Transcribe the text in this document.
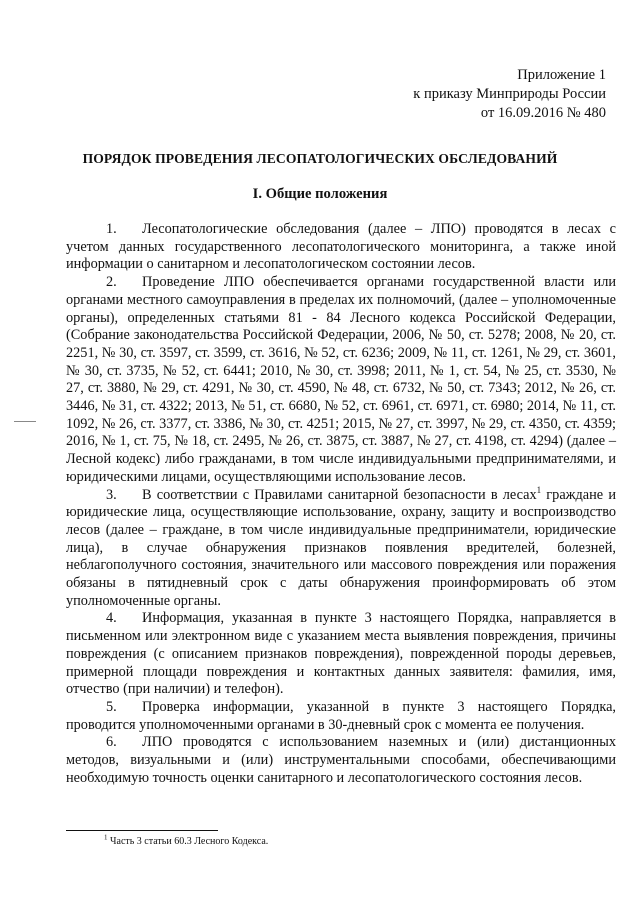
Приложение 1
к приказу Минприроды России
от 16.09.2016 № 480
ПОРЯДОК ПРОВЕДЕНИЯ ЛЕСОПАТОЛОГИЧЕСКИХ ОБСЛЕДОВАНИЙ
I. Общие положения

1. Лесопатологические обследования (далее – ЛПО) проводятся в лесах с учетом данных государственного лесопатологического мониторинга, а также иной информации о санитарном и лесопатологическом состоянии лесов.

2. Проведение ЛПО обеспечивается органами государственной власти или органами местного самоуправления в пределах их полномочий, (далее – уполномоченные органы), определенных статьями 81 - 84 Лесного кодекса Российской Федерации, (Собрание законодательства Российской Федерации, 2006, № 50, ст. 5278; 2008, № 20, ст. 2251, № 30, ст. 3597, ст. 3599, ст. 3616, № 52, ст. 6236; 2009, № 11, ст. 1261, № 29, ст. 3601, № 30, ст. 3735, № 52, ст. 6441; 2010, № 30, ст. 3998; 2011, № 1, ст. 54, № 25, ст. 3530, № 27, ст. 3880, № 29, ст. 4291, № 30, ст. 4590, № 48, ст. 6732, № 50, ст. 7343; 2012, № 26, ст. 3446, № 31, ст. 4322; 2013, № 51, ст. 6680, № 52, ст. 6961, ст. 6971, ст. 6980; 2014, № 11, ст. 1092, № 26, ст. 3377, ст. 3386, № 30, ст. 4251; 2015, № 27, ст. 3997, № 29, ст. 4350, ст. 4359; 2016, № 1, ст. 75, № 18, ст. 2495, № 26, ст. 3875, ст. 3887, № 27, ст. 4198, ст. 4294) (далее – Лесной кодекс) либо гражданами, в том числе индивидуальными предпринимателями, и юридическими лицами, осуществляющими использование лесов.

3. В соответствии с Правилами санитарной безопасности в лесах$^1$ граждане и юридические лица, осуществляющие использование, охрану, защиту и воспроизводство лесов (далее – граждане, в том числе индивидуальные предприниматели, юридические лица), в случае обнаружения признаков появления вредителей, болезней, неблагополучного состояния, значительного или массового повреждения или поражения обязаны в пятидневный срок с даты обнаружения проинформировать об этом уполномоченные органы.

4. Информация, указанная в пункте 3 настоящего Порядка, направляется в письменном или электронном виде с указанием места выявления повреждения, причины повреждения (с описанием признаков повреждения), поврежденной породы деревьев, примерной площади повреждения и контактных данных заявителя: фамилия, имя, отчество (при наличии) и телефон).

5. Проверка информации, указанной в пункте 3 настоящего Порядка, проводится уполномоченными органами в 30-дневный срок с момента ее получения.

6. ЛПО проводятся с использованием наземных и (или) дистанционных методов, визуальными и (или) инструментальными способами, обеспечивающими необходимую точность оценки санитарного и лесопатологического состояния лесов.

$^1$ Часть 3 статьи 60.3 Лесного Кодекса.
